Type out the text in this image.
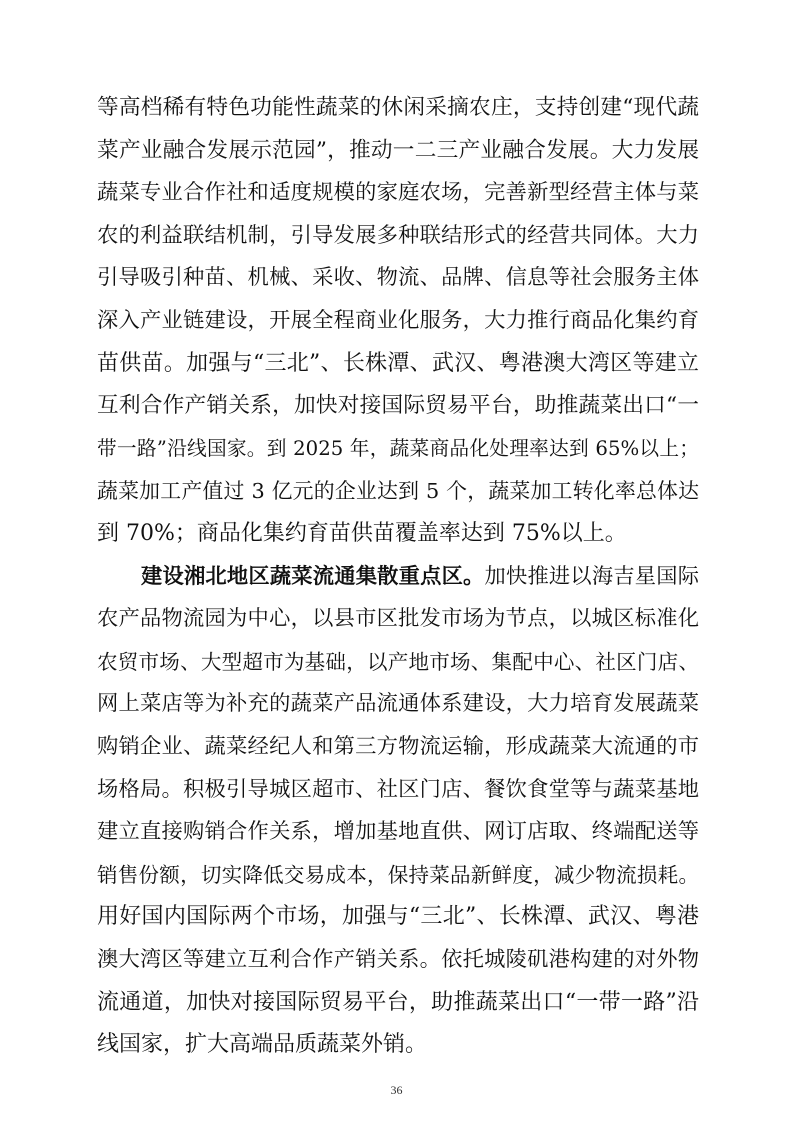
等高档稀有特色功能性蔬菜的休闲采摘农庄，支持创建“现代蔬
菜产业融合发展示范园”，推动一二三产业融合发展。大力发展
蔬菜专业合作社和适度规模的家庭农场，完善新型经营主体与菜
农的利益联结机制，引导发展多种联结形式的经营共同体。大力
引导吸引种苗、机械、采收、物流、品牌、信息等社会服务主体
深入产业链建设，开展全程商业化服务，大力推行商品化集约育
苗供苗。加强与“三北”、长株潭、武汉、粤港澳大湾区等建立
互利合作产销关系，加快对接国际贸易平台，助推蔬菜出口“一
带一路”沿线国家。到 2025 年，蔬菜商品化处理率达到 65%以上；
蔬菜加工产值过 3 亿元的企业达到 5 个，蔬菜加工转化率总体达
到 70%；商品化集约育苗供苗覆盖率达到 75%以上。
建设湘北地区蔬菜流通集散重点区。加快推进以海吉星国际
农产品物流园为中心，以县市区批发市场为节点，以城区标准化
农贸市场、大型超市为基础，以产地市场、集配中心、社区门店、
网上菜店等为补充的蔬菜产品流通体系建设，大力培育发展蔬菜
购销企业、蔬菜经纪人和第三方物流运输，形成蔬菜大流通的市
场格局。积极引导城区超市、社区门店、餐饮食堂等与蔬菜基地
建立直接购销合作关系，增加基地直供、网订店取、终端配送等
销售份额，切实降低交易成本，保持菜品新鲜度，减少物流损耗。
用好国内国际两个市场，加强与“三北”、长株潭、武汉、粤港
澳大湾区等建立互利合作产销关系。依托城陵矶港构建的对外物
流通道，加快对接国际贸易平台，助推蔬菜出口“一带一路”沿
线国家，扩大高端品质蔬菜外销。
36
